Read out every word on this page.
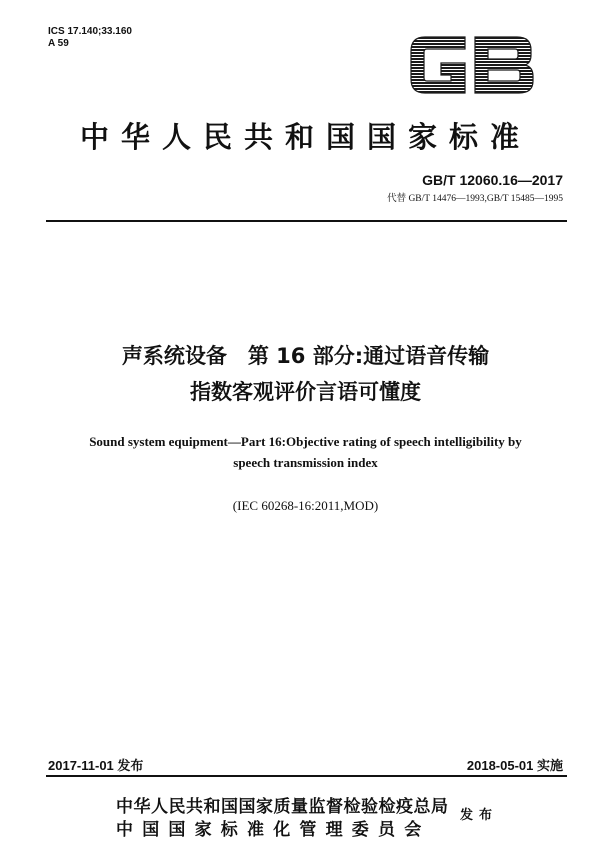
ICS 17.140;33.160
A 59
中华人民共和国国家标准
GB/T 12060.16—2017
代替 GB/T 14476—1993,GB/T 15485—1995
声系统设备　第 16 部分:通过语音传输
指数客观评价言语可懂度
Sound system equipment—Part 16:Objective rating of speech intelligibility by
speech transmission index
(IEC 60268-16:2011,MOD)
2017-11-01 发布	2018-05-01 实施
中华人民共和国国家质量监督检验检疫总局
中国国家标准化管理委员会
发布
